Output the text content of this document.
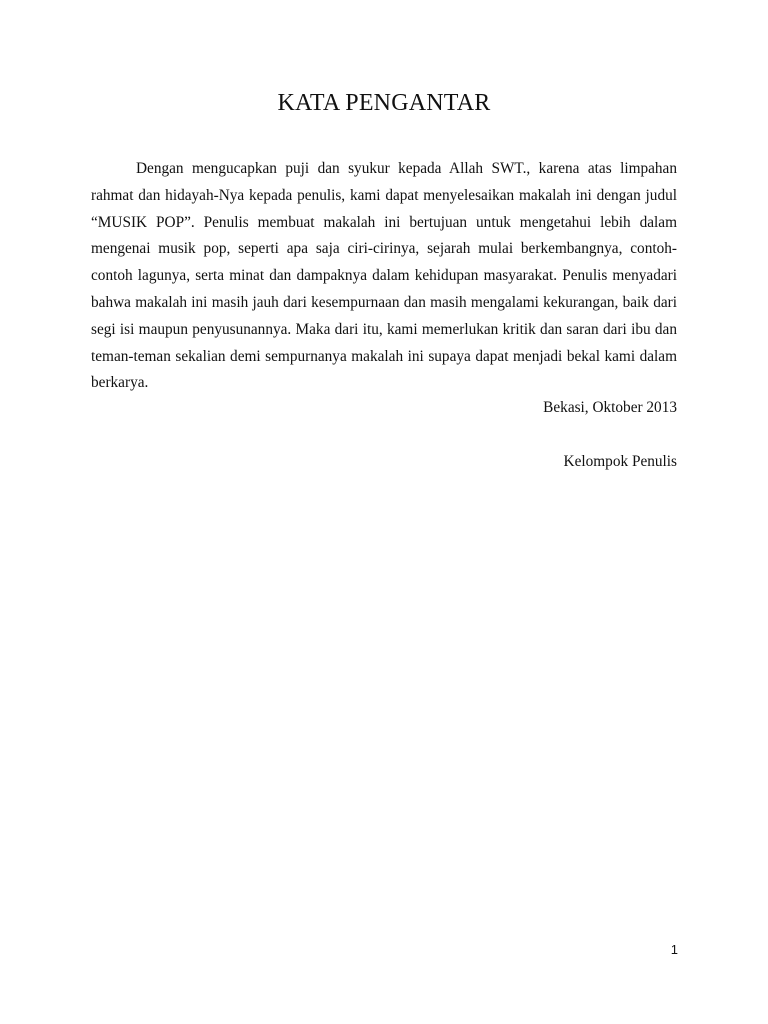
KATA PENGANTAR

Dengan mengucapkan puji dan syukur kepada Allah SWT., karena atas limpahan rahmat dan hidayah-Nya kepada penulis, kami dapat menyelesaikan makalah ini dengan judul “MUSIK POP”. Penulis membuat makalah ini bertujuan untuk mengetahui lebih dalam mengenai musik pop, seperti apa saja ciri-cirinya, sejarah mulai berkembangnya, contoh-contoh lagunya, serta minat dan dampaknya dalam kehidupan masyarakat. Penulis menyadari bahwa makalah ini masih jauh dari kesempurnaan dan masih mengalami kekurangan, baik dari segi isi maupun penyusunannya. Maka dari itu, kami memerlukan kritik dan saran dari ibu dan teman-teman sekalian demi sempurnanya makalah ini supaya dapat menjadi bekal kami dalam berkarya.

Bekasi, Oktober 2013

Kelompok Penulis

1
